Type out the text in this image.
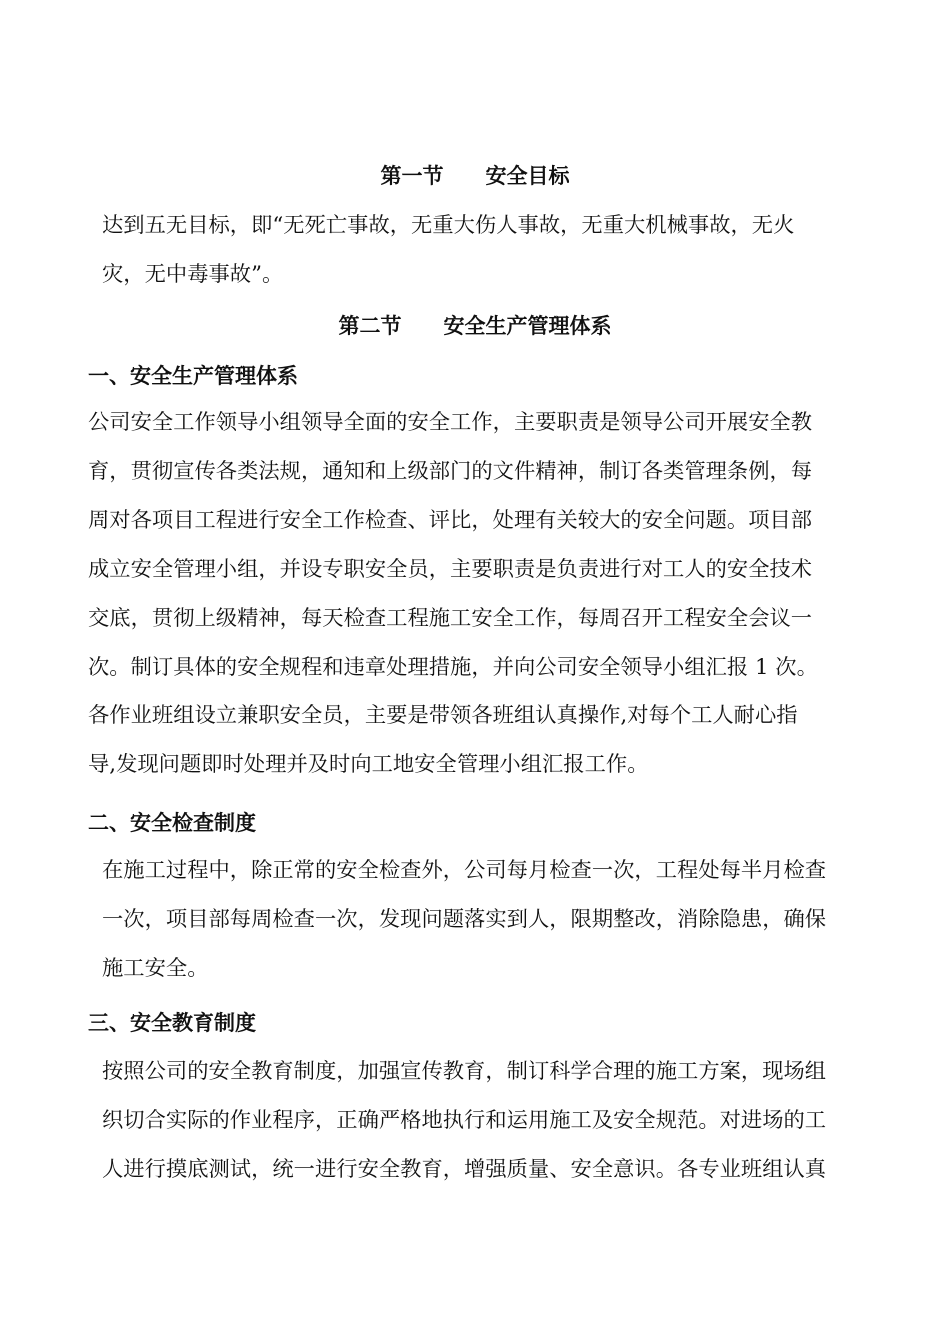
第一节　　安全目标
达到五无目标，即“无死亡事故，无重大伤人事故，无重大机械事故，无火
灾，无中毒事故”。
第二节　　安全生产管理体系
一、安全生产管理体系
公司安全工作领导小组领导全面的安全工作，主要职责是领导公司开展安全教
育，贯彻宣传各类法规，通知和上级部门的文件精神，制订各类管理条例，每
周对各项目工程进行安全工作检查、评比，处理有关较大的安全问题。项目部
成立安全管理小组，并设专职安全员，主要职责是负责进行对工人的安全技术
交底，贯彻上级精神，每天检查工程施工安全工作，每周召开工程安全会议一
次。制订具体的安全规程和违章处理措施，并向公司安全领导小组汇报 1 次。
各作业班组设立兼职安全员，主要是带领各班组认真操作,对每个工人耐心指
导,发现问题即时处理并及时向工地安全管理小组汇报工作。
二、安全检查制度
在施工过程中，除正常的安全检查外，公司每月检查一次，工程处每半月检查
一次，项目部每周检查一次，发现问题落实到人，限期整改，消除隐患，确保
施工安全。
三、安全教育制度
按照公司的安全教育制度，加强宣传教育，制订科学合理的施工方案，现场组
织切合实际的作业程序，正确严格地执行和运用施工及安全规范。对进场的工
人进行摸底测试，统一进行安全教育，增强质量、安全意识。各专业班组认真
